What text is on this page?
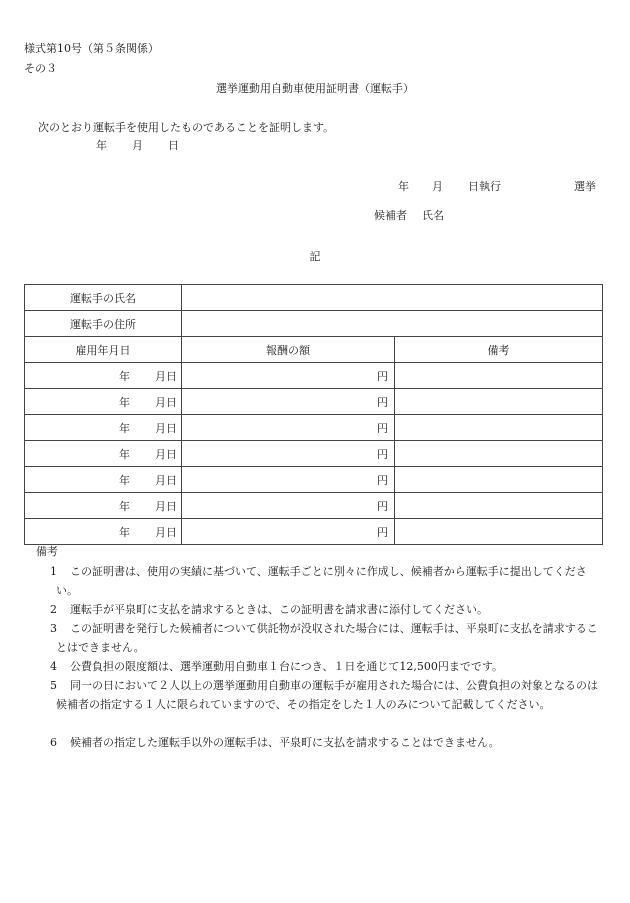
様式第10号（第５条関係）
その３
選挙運動用自動車使用証明書（運転手）
次のとおり運転手を使用したものであることを証明します。
年 月 日
年 月 日執行	選挙
候補者 氏名
記
運転手の氏名		
運転手の住所		
雇用年月日	報酬の額	備考
年 月日	円	
年 月日	円	
年 月日	円	
年 月日	円	
年 月日	円	
年 月日	円	
年 月日	円	
備考
1	この証明書は、使用の実績に基づいて、運転手ごとに別々に作成し、候補者から運転手に提出してください。
2	運転手が平泉町に支払を請求するときは、この証明書を請求書に添付してください。
3	この証明書を発行した候補者について供託物が没収された場合には、運転手は、平泉町に支払を請求することはできません。
4	公費負担の限度額は、選挙運動用自動車１台につき、１日を通じて12,500円までです。
5	同一の日において２人以上の選挙運動用自動車の運転手が雇用された場合には、公費負担の対象となるのは候補者の指定する１人に限られていますので、その指定をした１人のみについて記載してください。
6	候補者の指定した運転手以外の運転手は、平泉町に支払を請求することはできません。
